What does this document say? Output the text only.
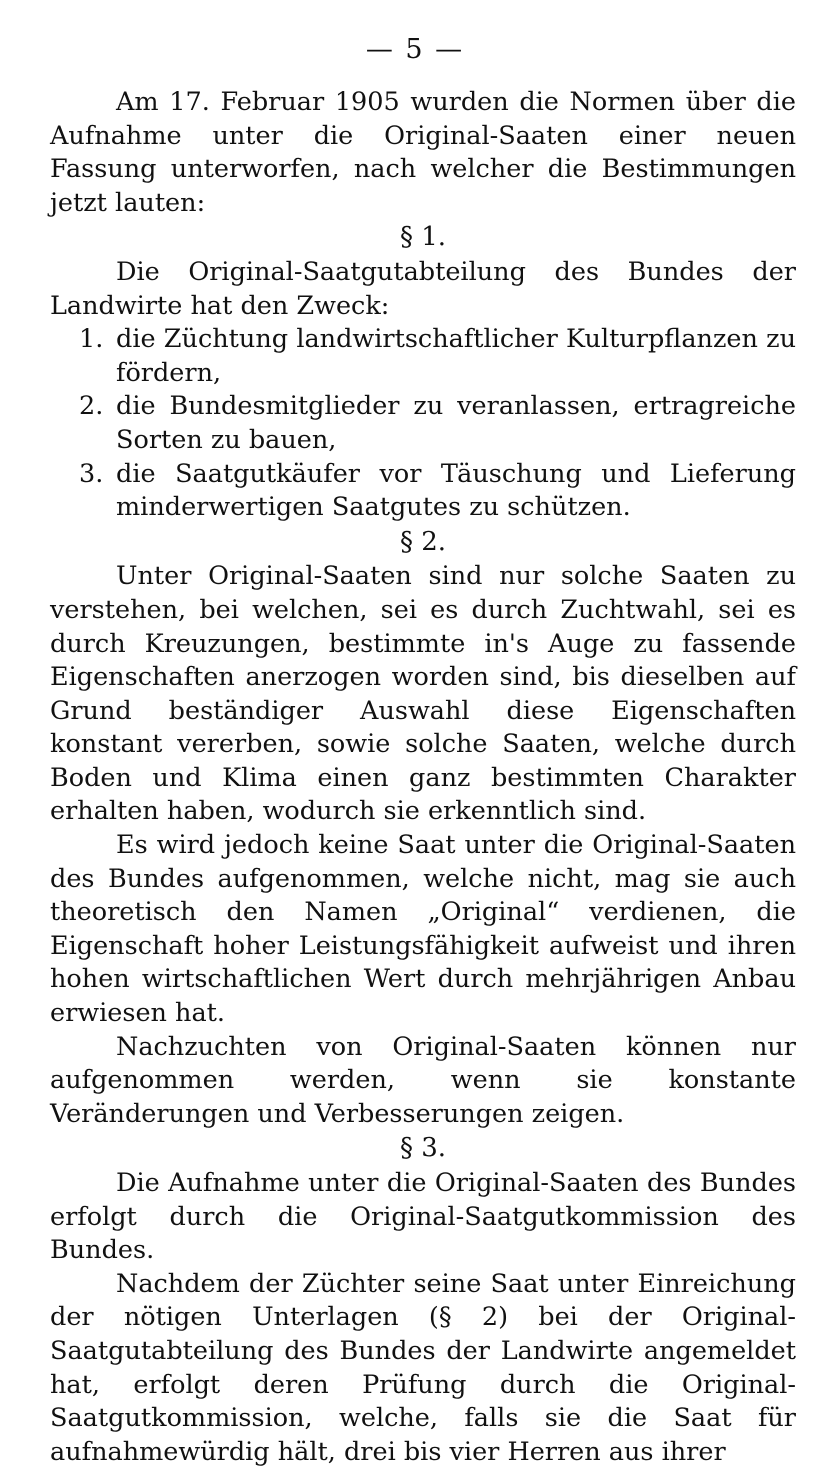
— 5 —

Am 17. Februar 1905 wurden die Normen über die Aufnahme unter die Original-Saaten einer neuen Fassung unterworfen, nach welcher die Bestimmungen jetzt lauten:

§ 1.

Die Original-Saatgutabteilung des Bundes der Landwirte hat den Zweck:

1. die Züchtung landwirtschaftlicher Kulturpflanzen zu fördern,
2. die Bundesmitglieder zu veranlassen, ertragreiche Sorten zu bauen,
3. die Saatgutkäufer vor Täuschung und Lieferung minderwertigen Saatgutes zu schützen.
§ 2.

Unter Original-Saaten sind nur solche Saaten zu verstehen, bei welchen, sei es durch Zuchtwahl, sei es durch Kreuzungen, bestimmte in's Auge zu fassende Eigenschaften anerzogen worden sind, bis dieselben auf Grund beständiger Auswahl diese Eigenschaften konstant vererben, sowie solche Saaten, welche durch Boden und Klima einen ganz bestimmten Charakter erhalten haben, wodurch sie erkenntlich sind.

Es wird jedoch keine Saat unter die Original-Saaten des Bundes aufgenommen, welche nicht, mag sie auch theoretisch den Namen „Original“ verdienen, die Eigenschaft hoher Leistungsfähigkeit aufweist und ihren hohen wirtschaftlichen Wert durch mehrjährigen Anbau erwiesen hat.

Nachzuchten von Original-Saaten können nur aufgenommen werden, wenn sie konstante Veränderungen und Verbesserungen zeigen.

§ 3.

Die Aufnahme unter die Original-Saaten des Bundes erfolgt durch die Original-Saatgutkommission des Bundes.

Nachdem der Züchter seine Saat unter Einreichung der nötigen Unterlagen (§ 2) bei der Original-Saatgutabteilung des Bundes der Landwirte angemeldet hat, erfolgt deren Prüfung durch die Original-Saatgutkommission, welche, falls sie die Saat für aufnahmewürdig hält, drei bis vier Herren aus ihrer
